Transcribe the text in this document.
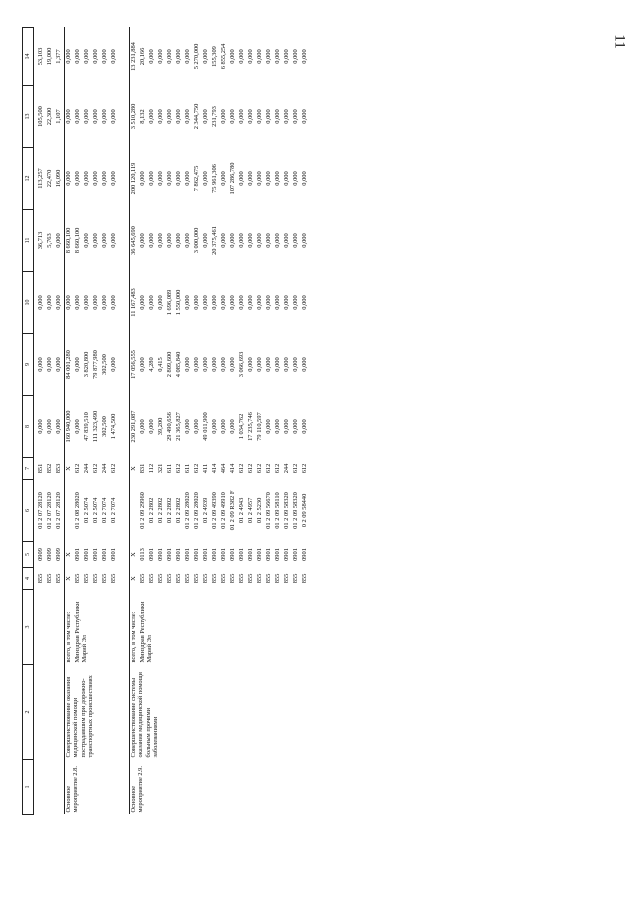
11
1	2	3	4	5	6	7	8	9	10	11	12	13	14

			855	0909	01 2 07 28120	851	0,000	0,000	0,000	36,713	113,257	105,500	53,103
			855	0909	01 2 07 28120	852	0,000	0,000	0,000	5,763	22,470	22,300	19,000
			855	0909	01 2 07 28120	853	0,000	0,000	0,000	0,000	16,090	1,107	1,377
Основное мероприятие 2.8.	Совершенствование оказания медицинской помощи пострадавшим при дорожно-транспортных происшествиях	всего, в том числе:	X	X		X	160 940,000	84 001,280	0,000	8 660,100	0,000	0,000	0,000
		Минздрав Республики Марий Эл	855	0901	01 2 08 28020	612	0,000	0,000	0,000	8 660,100	0,000	0,000	0,000
			855	0901	01 2 5074	244	47 839,510	3 820,800	0,000	0,000	0,000	0,000	0,000
			855	0901	01 2 5074	612	111 323,490	79 877,980	0,000	0,000	0,000	0,000	0,000
			855	0901	01 2 7074	244	302,500	302,500	0,000	0,000	0,000	0,000	0,000
			855	0901	01 2 7074	612	1 474,500	0,000	0,000	0,000	0,000	0,000	0,000

Основное мероприятие 2.9.	Совершенствование системы оказания медицинской помощи больным прочими заболеваниями	всего, в том числе:	X	X		X	230 291,087	17 056,555	11 167,483	36 645,690	200 120,119	3 510,280	13 231,884
		Минздрав Республики Марий Эл	855	0113	01 2 09 29960	831	0,000	0,000	0,000	0,000	0,000	8,132	20,166
			855	0901	01 2 2802	112	0,000	4,280	0,000	0,000	0,000	0,000	0,000
			855	0901	01 2 2802	321	39,200	0,415	0,000	0,000	0,000	0,000	0,000
			855	0901	01 2 2802	611	29 490,656	2 809,600	1 696,089	0,000	0,000	0,000	0,000
			855	0901	01 2 2802	612	21 365,827	4 085,840	1 550,000	0,000	0,000	0,000	0,000
			855	0901	01 2 09 28020	611	0,000	0,000	0,000	0,000	0,000	0,000	0,000
			855	0901	01 2 09 28020	612	0,000	0,000	0,000	3 000,000	7 862,475	2 344,750	5 270,000
			855	0901	01 2 4939	411	49 011,900	0,000	0,000	0,000	0,000	0,000	0,000
			855	0901	01 2 09 49390	414	0,000	0,000	0,000	20 375,461	75 961,306	231,793	155,309
			855	0901	01 2 09 49910	464	0,000	0,000	0,000	0,000	0,000	0,000	6 855,254
			855	0901	01 2 09 R382 F	414	0,000	0,000	0,000	0,000	107 286,780	0,000	0,000
			855	0901	01 2 4943	612	1 034,762	3 066,693	0,000	0,000	0,000	0,000	0,000
			855	0901	01 2 4957	612	17 235,746	0,000	0,000	0,000	0,000	0,000	0,000
			855	0901	01 2 5230	612	79 110,597	0,000	0,000	0,000	0,000	0,000	0,000
			855	0901	01 2 09 56670	612	0,000	0,000	0,000	0,000	0,000	0,000	0,000
			855	0901	01 2 09 58110	612	0,000	0,000	0,000	0,000	0,000	0,000	0,000
			855	0901	01 2 09 58320	244	0,000	0,000	0,000	0,000	0,000	0,000	0,000
			855	0901	01 2 09 58320	612	0,000	0,000	0,000	0,000	0,000	0,000	0,000
			855	0901	0 2 09 58440	612	0,000	0,000	0,000	0,000	0,000	0,000	0,000
